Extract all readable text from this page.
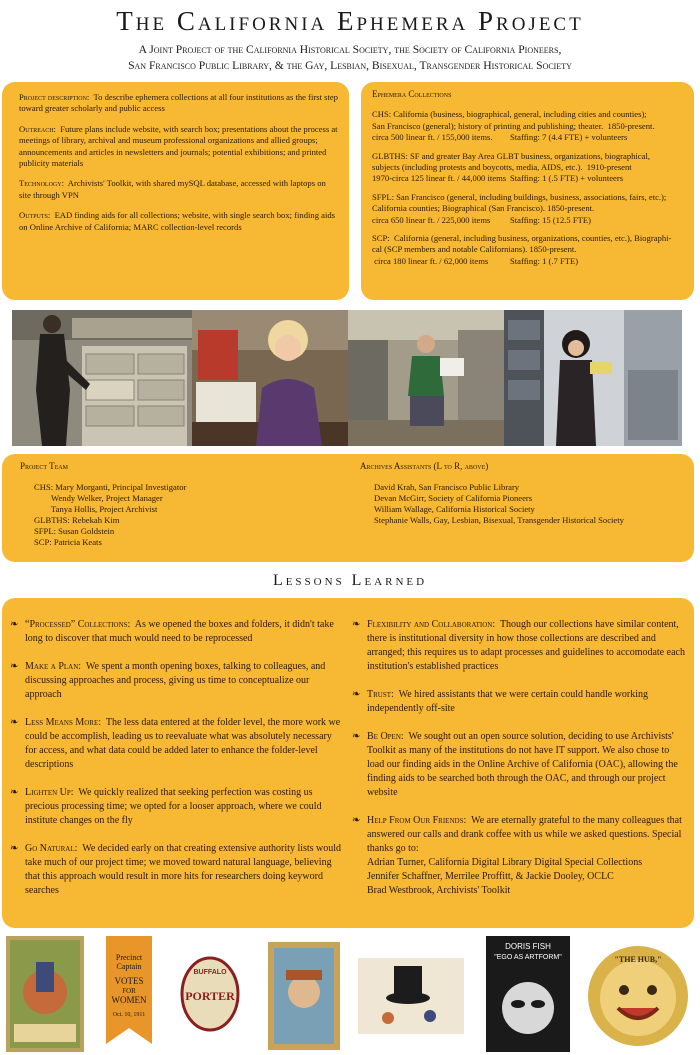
The California Ephemera Project
A Joint Project of the California Historical Society, the Society of California Pioneers,
San Francisco Public Library, & the Gay, Lesbian, Bisexual, Transgender Historical Society

Project description: To describe ephemera collections at all four institutions as the first step toward greater scholarly and public access

Outreach: Future plans include website, with search box; presentations about the process at meetings of library, archival and museum professional organizations and allied groups; announcements and articles in newsletters and journals; potential exhibitions; and printed publicity materials

Technology: Archivists' Toolkit, with shared mySQL database, accessed with laptops on site through VPN

Outputs: EAD finding aids for all collections; website, with single search box; finding aids on Online Archive of California; MARC collection-level records

Ephemera Collections
CHS: California (business, biographical, general, including cities and counties);
San Francisco (general); history of printing and publishing; theater.  1850-present.
circa 500 linear ft. / 155,000 items.	Staffing: 7 (4.4 FTE) + volunteers
GLBTHS: SF and greater Bay Area GLBT business, organizations, biographical,
subjects (including protests and boycotts, media, AIDS, etc.).  1910-present
1970-circa 125 linear ft. / 44,000 items Staffing: 1 (.5 FTE) + volunteers
SFPL: San Francisco (general, including buildings, business, associations, fairs, etc.);
California counties; Biographical (San Francisco). 1850-present.
circa 650 linear ft. / 225,000 items	Staffing: 15 (12.5 FTE)
SCP:  California (general, including business, organizations, counties, etc.), Biographi-
cal (SCP members and notable Californians). 1850-present.
circa 180 linear ft. / 62,000 items	Staffing: 1 (.7 FTE)
Project Team
CHS: Mary Morganti, Principal Investigator
Wendy Welker, Project Manager
Tanya Hollis, Project Archivist
GLBTHS: Rebekah Kim
SFPL: Susan Goldstein
SCP: Patricia Keats
Archives Assistants (L to R, above)
David Krah, San Francisco Public Library
Devan McGirr, Society of California Pioneers
William Wallage, California Historical Society
Stephanie Walls, Gay, Lesbian, Bisexual, Transgender Historical Society
Lessons Learned
❧ “Processed” Collections: As we opened the boxes and folders, it didn't take long to discover that much would need to be reprocessed
❧ Make a Plan: We spent a month opening boxes, talking to colleagues, and discussing approaches and process, giving us time to conceptualize our approach
❧ Less Means More: The less data entered at the folder level, the more work we could be accomplish, leading us to reevaluate what was absolutely necessary for access, and what data could be added later to enhance the folder-level descriptions
❧ Lighten Up: We quickly realized that seeking perfection was costing us precious processing time; we opted for a looser approach, where we could institute changes on the fly
❧ Go Natural: We decided early on that creating extensive authority lists would take much of our project time; we moved toward natural language, believing that this approach would result in more hits for researchers doing keyword searches
❧ Flexibility and Collaboration: Though our collections have similar content, there is institutional diversity in how those collections are described and arranged; this requires us to adapt processes and guidelines to accomodate each institution's established practices
❧ Trust: We hired assistants that we were certain could handle working independently off-site
❧ Be Open: We sought out an open source solution, deciding to use Archivists' Toolkit as many of the institutions do not have IT support. We also chose to load our finding aids in the Online Archive of California (OAC), allowing the finding aids to be searched both through the OAC, and through our project website
❧ Help From Our Friends: We are eternally grateful to the many colleagues that answered our calls and drank coffee with us while we asked questions. Special thanks go to:
Adrian Turner, California Digital Library Digital Special Collections
Jennifer Schaffner, Merrilee Proffitt, & Jackie Dooley, OCLC
Brad Westbrook, Archivists' Toolkit
Precinct
Captain
VOTES
FOR
WOMEN
Oct. 10, 1911
BUFFALO
PORTER
DORIS FISH
"EGO AS ARTFORM"	"THE HUB,"
